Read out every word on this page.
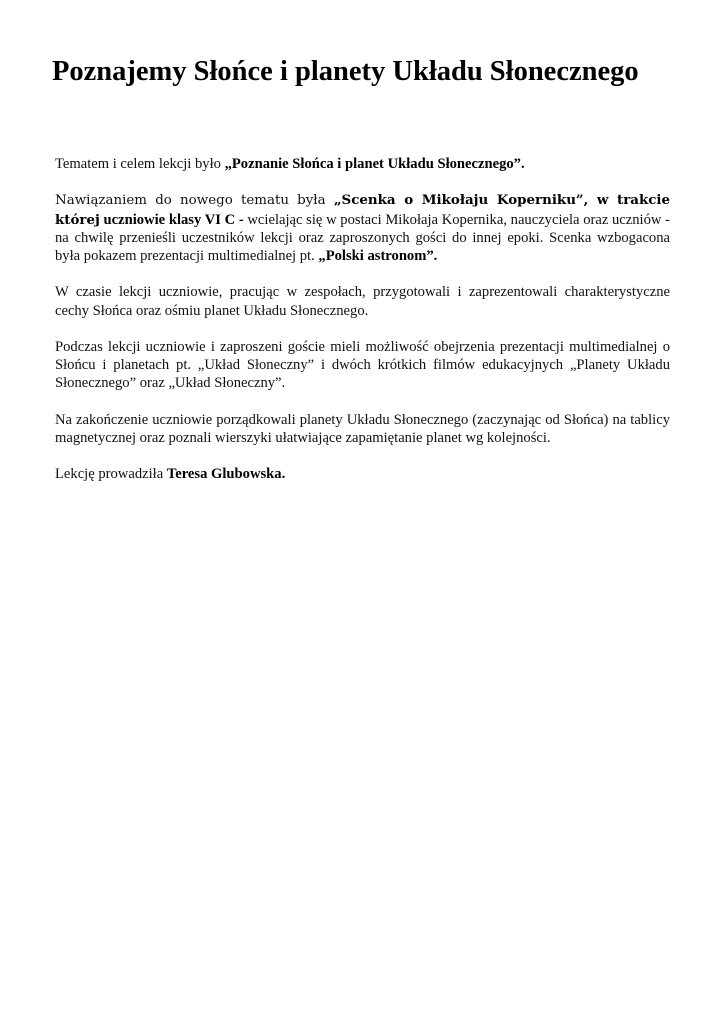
Poznajemy Słońce i planety Układu Słonecznego

Tematem i celem lekcji było „Poznanie Słońca i planet Układu Słonecznego”.

Nawiązaniem do nowego tematu była „Scenka o Mikołaju Koperniku”, w trakcie której uczniowie klasy VI C - wcielając się w postaci Mikołaja Kopernika, nauczyciela oraz uczniów - na chwilę przenieśli uczestników lekcji oraz zaproszonych gości do innej epoki. Scenka wzbogacona była pokazem prezentacji multimedialnej pt. „Polski astronom”.

W czasie lekcji uczniowie, pracując w zespołach, przygotowali i zaprezentowali charakterystyczne cechy Słońca oraz ośmiu planet Układu Słonecznego.

Podczas lekcji uczniowie i zaproszeni goście mieli możliwość obejrzenia prezentacji multimedialnej o Słońcu i planetach pt. „Układ Słoneczny” i dwóch krótkich filmów edukacyjnych „Planety Układu Słonecznego” oraz „Układ Słoneczny”.

Na zakończenie uczniowie porządkowali planety Układu Słonecznego (zaczynając od Słońca) na tablicy magnetycznej oraz poznali wierszyki ułatwiające zapamiętanie planet wg kolejności.

Lekcję prowadziła Teresa Glubowska.
